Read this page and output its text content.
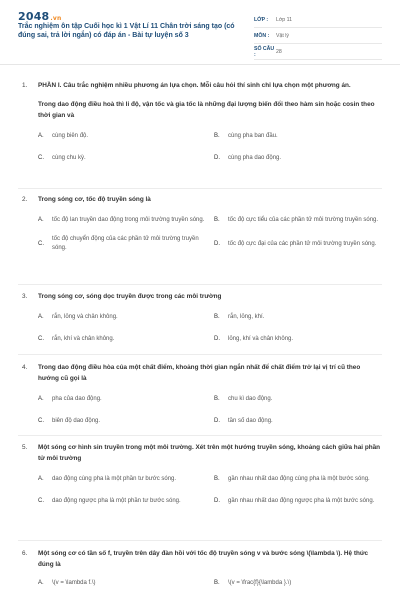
2048.vn
Trắc nghiệm ôn tập Cuối học kì 1 Vật Lí 11 Chân trời sáng tạo (có đúng sai, trả lời ngắn) có đáp án - Bài tự luyện số 3
LỚP :	Lớp 11
MÔN :	Vật lý
SỐ CÂU :	28
1.	PHẦN I. Câu trắc nghiệm nhiều phương án lựa chọn. Mỗi câu hỏi thí sinh chỉ lựa chọn một phương án.
Trong dao động điều hoà thì li độ, vận tốc và gia tốc là những đại lượng biến đổi theo hàm sin hoặc cosin theo thời gian và
A.	cùng biên độ.	B.	cùng pha ban đầu.
C.	cùng chu kỳ.	D.	cùng pha dao động.
2.	Trong sóng cơ, tốc độ truyền sóng là
A.	tốc độ lan truyền dao động trong môi trường truyền sóng. B.	tốc độ cực tiểu của các phần tử môi trường truyền sóng.
C.
tốc độ chuyển động của các phần tử môi trường truyền sóng.
D.	tốc độ cực đại của các phần tử môi trường truyền sóng.
3.	Trong sóng cơ, sóng dọc truyền được trong các môi trường
A.	rắn, lỏng và chân không.	B.	rắn, lỏng, khí.
C.	rắn, khí và chân không.	D.	lỏng, khí và chân không.
4.	Trong dao động điều hòa của một chất điểm, khoảng thời gian ngắn nhất để chất điểm trở lại vị trí cũ theo hướng cũ gọi là
A.	pha của dao động.	B.	chu kì dao động.
C.	biên độ dao động.	D.	tần số dao động.
5.	Một sóng cơ hình sin truyền trong một môi trường. Xét trên một hướng truyền sóng, khoảng cách giữa hai phần tử môi trường
A.	dao động cùng pha là một phần tư bước sóng.	B.	gần nhau nhất dao động cùng pha là một bước sóng.
C.	dao động ngược pha là một phần tư bước sóng.	D.	gần nhau nhất dao động ngược pha là một bước sóng.
6.	Một sóng cơ có tần số f, truyền trên dây đàn hồi với tốc độ truyền sóng v và bước sóng \(\lambda \). Hệ thức đúng là
A.	\(v = \lambda f.\)	B.	\(v = \frac{f}{\lambda }.\)
